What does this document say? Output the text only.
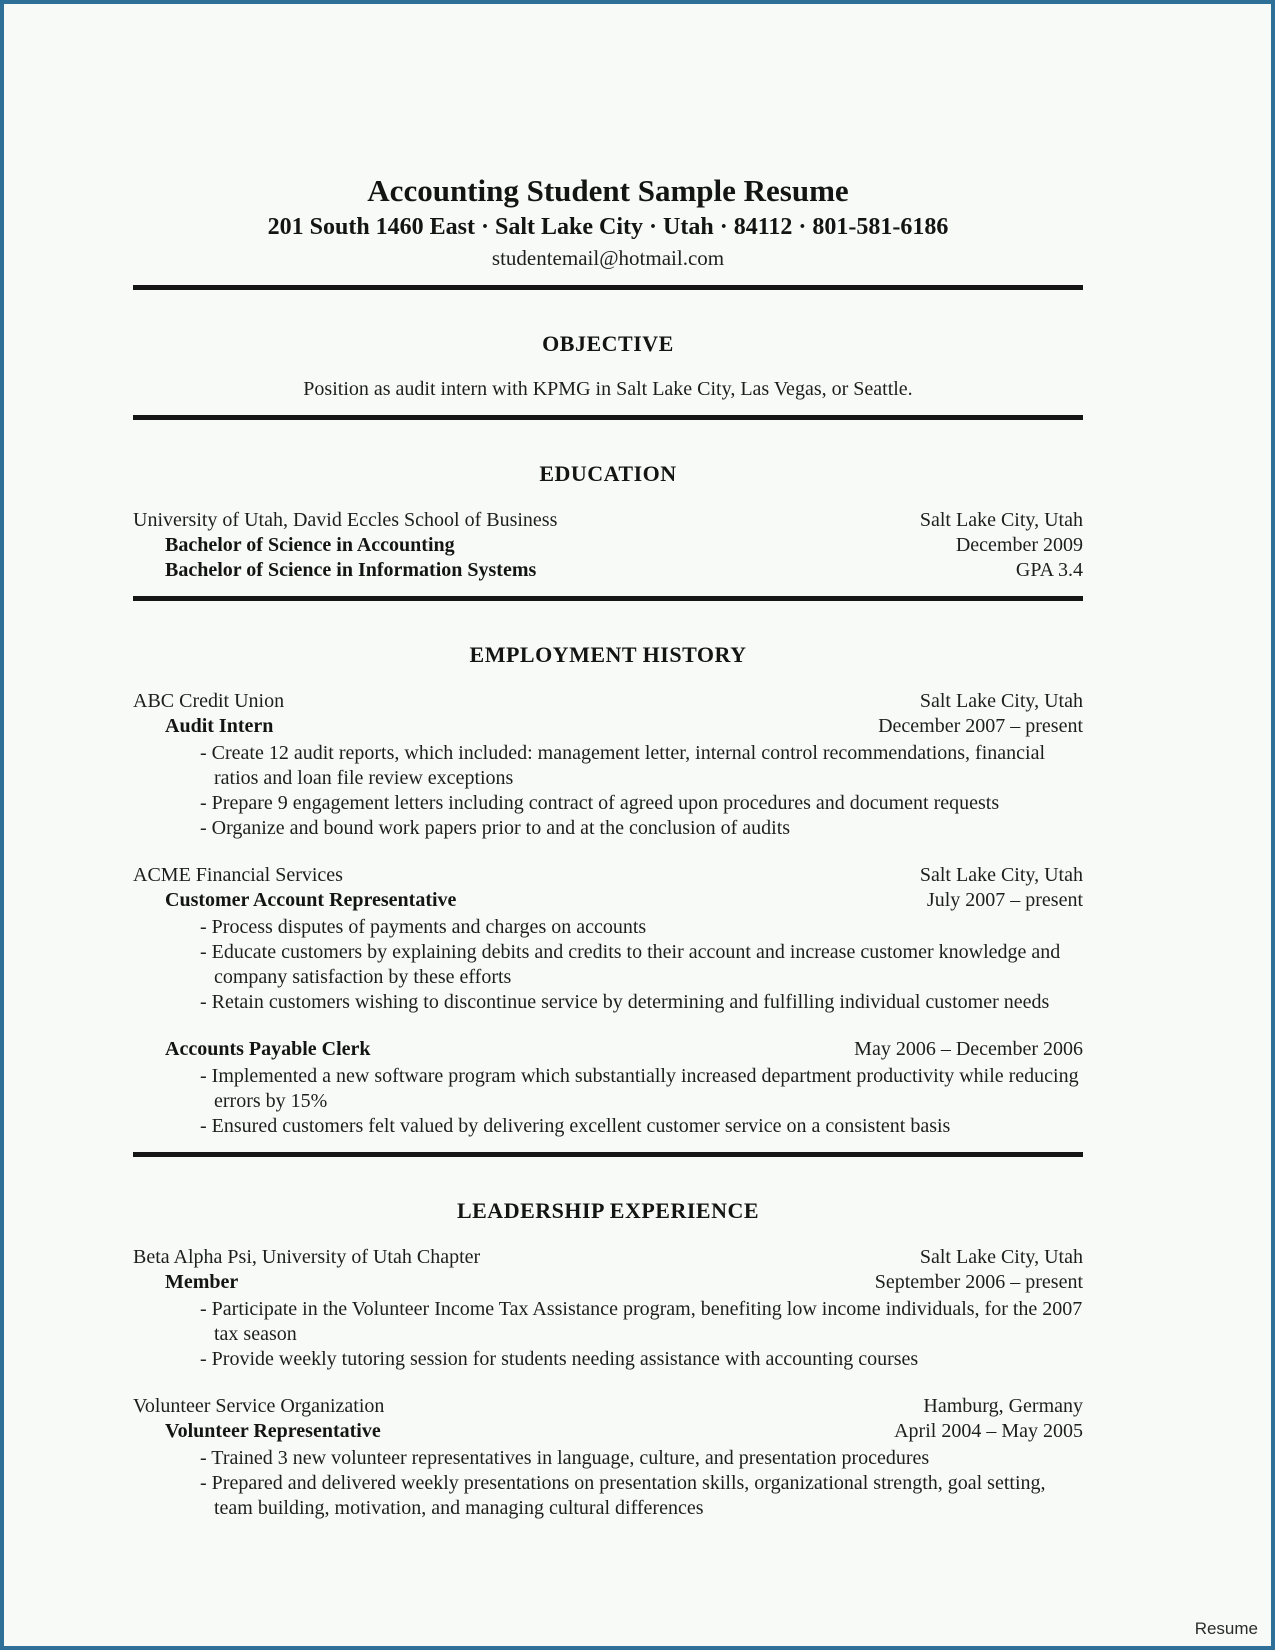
Accounting Student Sample Resume
201 South 1460 East · Salt Lake City · Utah · 84112 · 801-581-6186
studentemail@hotmail.com
OBJECTIVE

Position as audit intern with KPMG in Salt Lake City, Las Vegas, or Seattle.

EDUCATION
University of Utah, David Eccles School of Business	Salt Lake City, Utah
Bachelor of Science in Accounting	December 2009
Bachelor of Science in Information Systems	GPA 3.4
EMPLOYMENT HISTORY
ABC Credit Union	Salt Lake City, Utah
Audit Intern	December 2007 – present
- Create 12 audit reports, which included: management letter, internal control recommendations, financial ratios and loan file review exceptions
- Prepare 9 engagement letters including contract of agreed upon procedures and document requests
- Organize and bound work papers prior to and at the conclusion of audits
ACME Financial Services	Salt Lake City, Utah
Customer Account Representative	July 2007 – present
- Process disputes of payments and charges on accounts
- Educate customers by explaining debits and credits to their account and increase customer knowledge and company satisfaction by these efforts
- Retain customers wishing to discontinue service by determining and fulfilling individual customer needs
Accounts Payable Clerk	May 2006 – December 2006
- Implemented a new software program which substantially increased department productivity while reducing errors by 15%
- Ensured customers felt valued by delivering excellent customer service on a consistent basis
LEADERSHIP EXPERIENCE
Beta Alpha Psi, University of Utah Chapter	Salt Lake City, Utah
Member	September 2006 – present
- Participate in the Volunteer Income Tax Assistance program, benefiting low income individuals, for the 2007 tax season
- Provide weekly tutoring session for students needing assistance with accounting courses
Volunteer Service Organization	Hamburg, Germany
Volunteer Representative	April 2004 – May 2005
- Trained 3 new volunteer representatives in language, culture, and presentation procedures
- Prepared and delivered weekly presentations on presentation skills, organizational strength, goal setting, team building, motivation, and managing cultural differences
Resume
